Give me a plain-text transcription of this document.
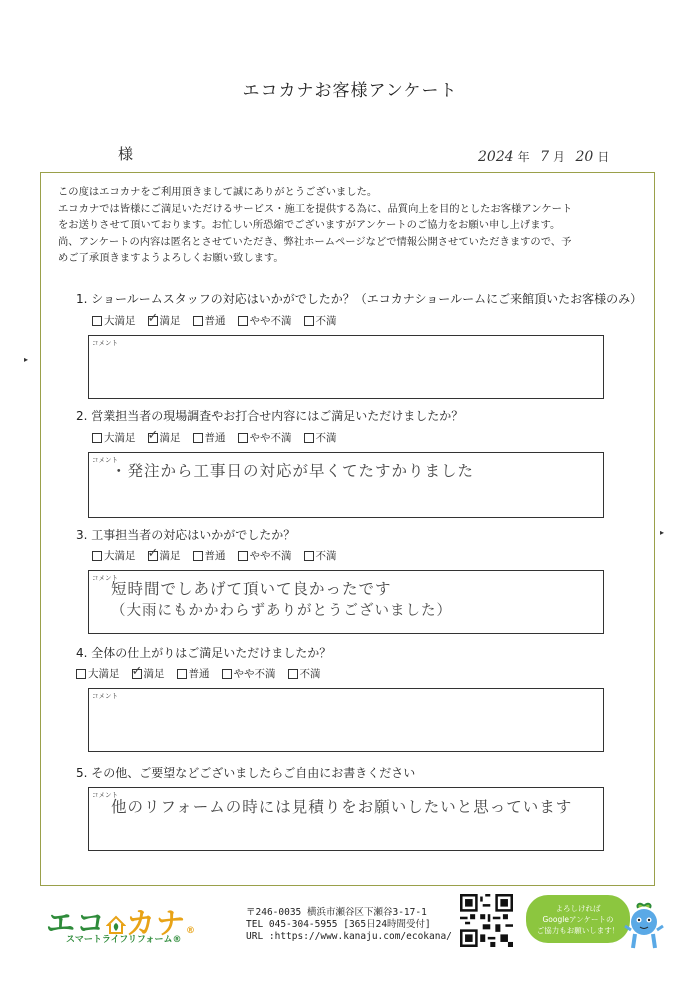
エコカナお客様アンケート
様	2024 年 7 月 20 日
この度はエコカナをご利用頂きまして誠にありがとうございました。
エコカナでは皆様にご満足いただけるサービス・施工を提供する為に、品質向上を目的としたお客様アンケート
をお送りさせて頂いております。お忙しい所恐縮でございますがアンケートのご協力をお願い申し上げます。
尚、アンケートの内容は匿名とさせていただき、弊社ホームページなどで情報公開させていただきますので、予
めご了承頂きますようよろしくお願い致します。
1. ショールームスタッフの対応はいかがでしたか？（エコカナショールームにご来館頂いたお客様のみ）
大満足 ✓ 満足 普通 やや不満 不満
コメント
2. 営業担当者の現場調査やお打合せ内容にはご満足いただけましたか？
大満足 ✓ 満足 普通 やや不満 不満
コメント
・発注から工事日の対応が早くてたすかりました
3. 工事担当者の対応はいかがでしたか？
大満足 ✓ 満足 普通 やや不満 不満
コメント
短時間でしあげて頂いて良かったです
（大雨にもかかわらずありがとうございました）
4. 全体の仕上がりはご満足いただけましたか？
大満足 ✓ 満足 普通 やや不満 不満
コメント
5. その他、ご要望などございましたらご自由にお書きください
コメント
他のリフォームの時には見積りをお願いしたいと思っています
▸
▸
エコ カナ®
スマートライフリフォーム®
〒246-0035 横浜市瀬谷区下瀬谷3-17-1
TEL 045-304-5955 [365日24時間受付]
URL :https://www.kanaju.com/ecokana/
よろしければ
Googleアンケートの
ご協力もお願いします！
